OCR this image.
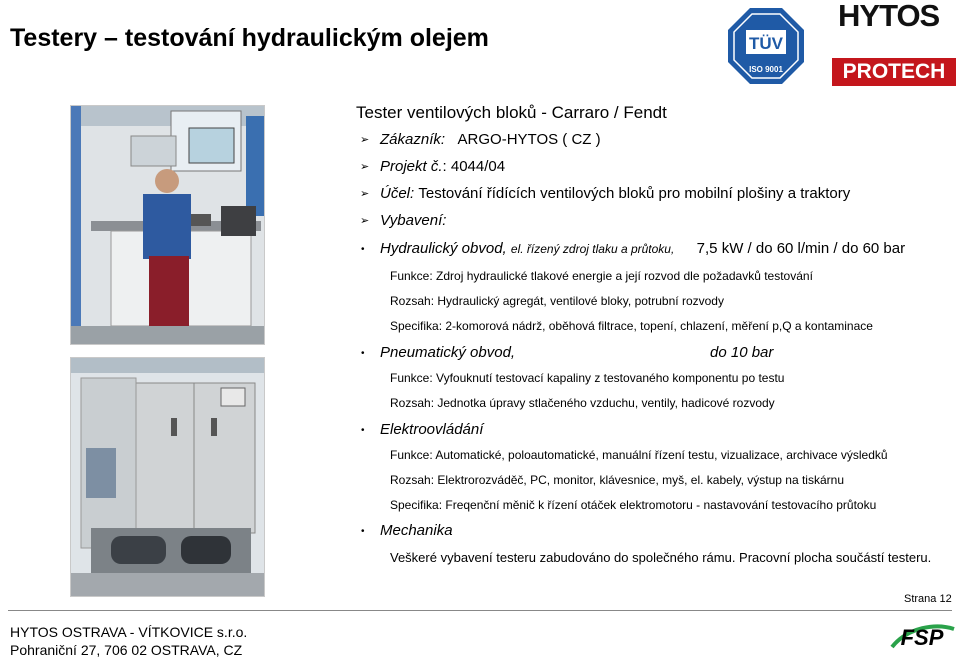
Testery – testování hydraulickým olejem	TÜV
ISO 9001
HYTOS
PROTECH
Tester ventilových bloků - Carraro / Fendt
➢ Zákazník: ARGO-HYTOS ( CZ )
➢ Projekt č.: 4044/04
➢ Účel: Testování řídících ventilových bloků pro mobilní plošiny a traktory
➢ Vybavení:
• Hydraulický obvod, el. řízený zdroj tlaku a průtoku, 7,5 kW / do 60 l/min / do 60 bar
Funkce: Zdroj hydraulické tlakové energie a její rozvod dle požadavků testování
Rozsah: Hydraulický agregát, ventilové bloky, potrubní rozvody
Specifika: 2-komorová nádrž, oběhová filtrace, topení, chlazení, měření p,Q a kontaminace
• Pneumatický obvod,	do 10 bar
Funkce: Vyfouknutí testovací kapaliny z testovaného komponentu po testu
Rozsah: Jednotka úpravy stlačeného vzduchu, ventily, hadicové rozvody
• Elektroovládání
Funkce: Automatické, poloautomatické, manuální řízení testu, vizualizace, archivace výsledků
Rozsah: Elektrorozváděč, PC, monitor, klávesnice, myš, el. kabely, výstup na tiskárnu
Specifika: Freqenční měnič k řízení otáček elektromotoru - nastavování testovacího průtoku
• Mechanika
Veškeré vybavení testeru zabudováno do společného rámu. Pracovní plocha součástí testeru.
Strana 12
HYTOS OSTRAVA - VÍTKOVICE s.r.o.
Pohraniční 27, 706 02 OSTRAVA, CZ	FSP
